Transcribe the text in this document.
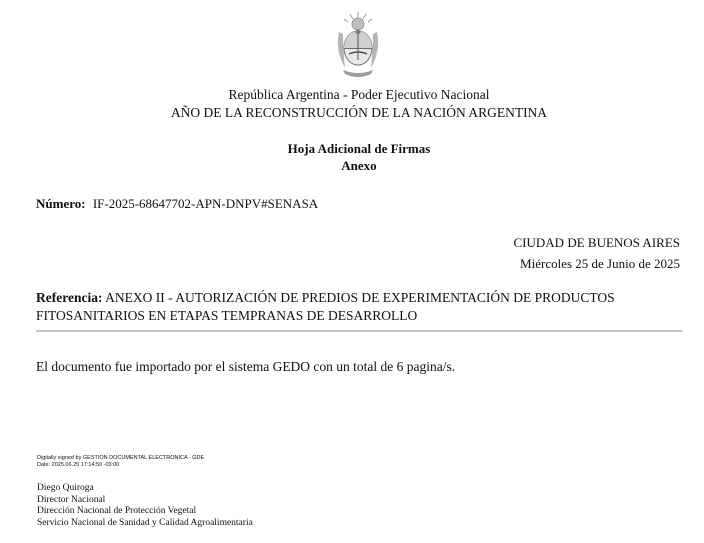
República Argentina - Poder Ejecutivo Nacional
AÑO DE LA RECONSTRUCCIÓN DE LA NACIÓN ARGENTINA
Hoja Adicional de Firmas
Anexo
Número: IF-2025-68647702-APN-DNPV#SENASA
CIUDAD DE BUENOS AIRES
Miércoles 25 de Junio de 2025
Referencia: ANEXO II - AUTORIZACIÓN DE PREDIOS DE EXPERIMENTACIÓN DE PRODUCTOS FITOSANITARIOS EN ETAPAS TEMPRANAS DE DESARROLLO
El documento fue importado por el sistema GEDO con un total de 6 pagina/s.
Digitally signed by GESTION DOCUMENTAL ELECTRONICA - GDE
Date: 2025.06.25 17:14:50 -03:00
Diego Quiroga
Director Nacional
Dirección Nacional de Protección Vegetal
Servicio Nacional de Sanidad y Calidad Agroalimentaria
